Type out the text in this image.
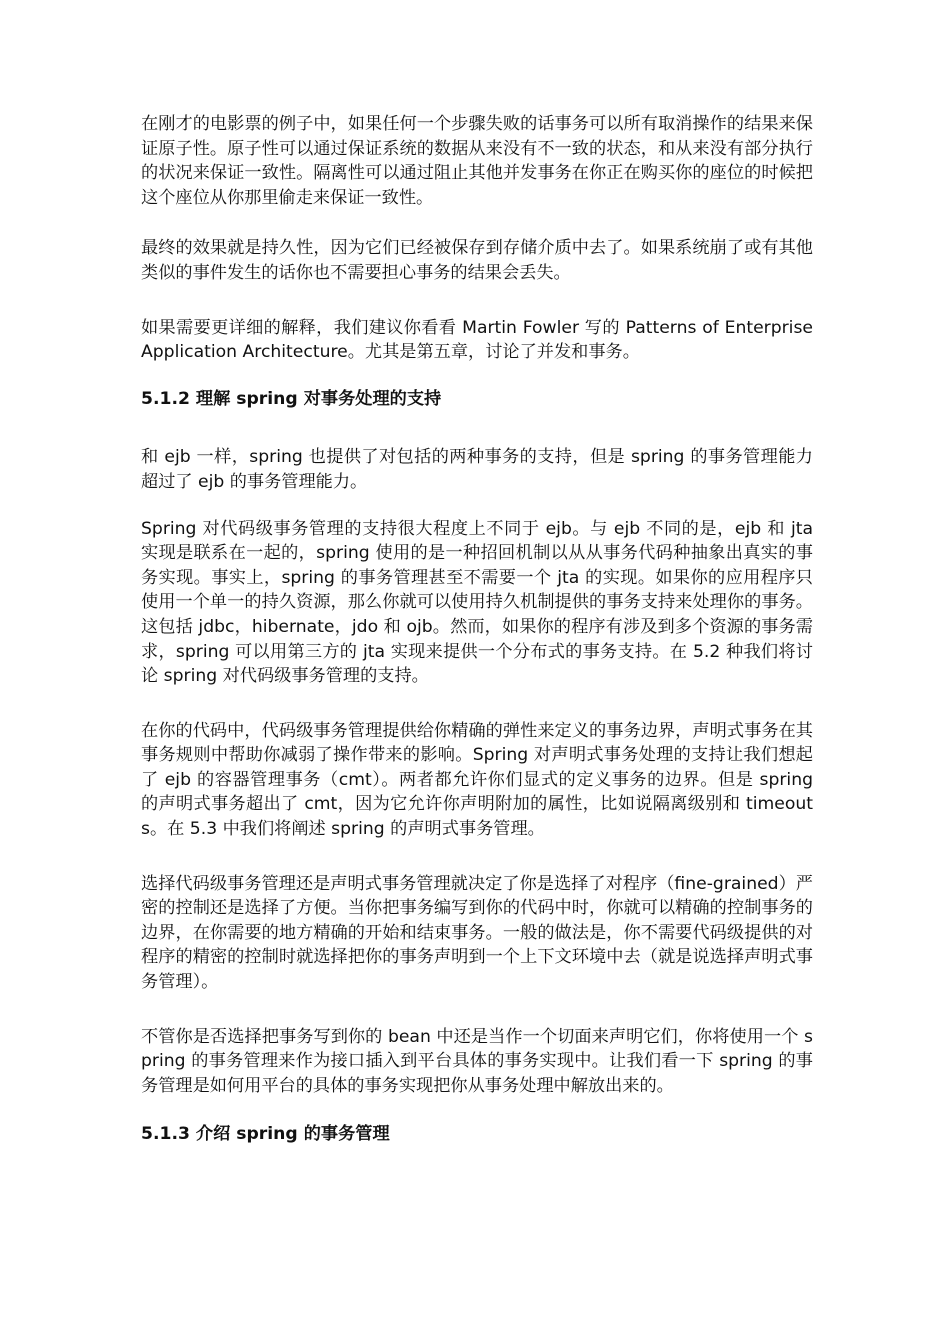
在刚才的电影票的例子中，如果任何一个步骤失败的话事务可以所有取消操作的结果来保证原子性。原子性可以通过保证系统的数据从来没有不一致的状态，和从来没有部分执行的状况来保证一致性。隔离性可以通过阻止其他并发事务在你正在购买你的座位的时候把这个座位从你那里偷走来保证一致性。

最终的效果就是持久性，因为它们已经被保存到存储介质中去了。如果系统崩了或有其他类似的事件发生的话你也不需要担心事务的结果会丢失。

如果需要更详细的解释，我们建议你看看 Martin Fowler 写的 Patterns of Enterprise Application Architecture。尤其是第五章，讨论了并发和事务。

5.1.2 理解 spring 对事务处理的支持

和 ejb 一样，spring 也提供了对包括的两种事务的支持，但是 spring 的事务管理能力超过了 ejb 的事务管理能力。

Spring 对代码级事务管理的支持很大程度上不同于 ejb。与 ejb 不同的是，ejb 和 jta 实现是联系在一起的，spring 使用的是一种招回机制以从从事务代码种抽象出真实的事务实现。事实上，spring 的事务管理甚至不需要一个 jta 的实现。如果你的应用程序只使用一个单一的持久资源，那么你就可以使用持久机制提供的事务支持来处理你的事务。这包括 jdbc，hibernate，jdo 和 ojb。然而，如果你的程序有涉及到多个资源的事务需求，spring 可以用第三方的 jta 实现来提供一个分布式的事务支持。在 5.2 种我们将讨论 spring 对代码级事务管理的支持。

在你的代码中，代码级事务管理提供给你精确的弹性来定义的事务边界，声明式事务在其事务规则中帮助你减弱了操作带来的影响。Spring 对声明式事务处理的支持让我们想起了 ejb 的容器管理事务（cmt）。两者都允许你们显式的定义事务的边界。但是 spring 的声明式事务超出了 cmt，因为它允许你声明附加的属性，比如说隔离级别和 timeouts。在 5.3 中我们将阐述 spring 的声明式事务管理。

选择代码级事务管理还是声明式事务管理就决定了你是选择了对程序（fine-grained）严密的控制还是选择了方便。当你把事务编写到你的代码中时，你就可以精确的控制事务的边界，在你需要的地方精确的开始和结束事务。一般的做法是，你不需要代码级提供的对程序的精密的控制时就选择把你的事务声明到一个上下文环境中去（就是说选择声明式事务管理）。

不管你是否选择把事务写到你的 bean 中还是当作一个切面来声明它们，你将使用一个 spring 的事务管理来作为接口插入到平台具体的事务实现中。让我们看一下 spring 的事务管理是如何用平台的具体的事务实现把你从事务处理中解放出来的。

5.1.3 介绍 spring 的事务管理
